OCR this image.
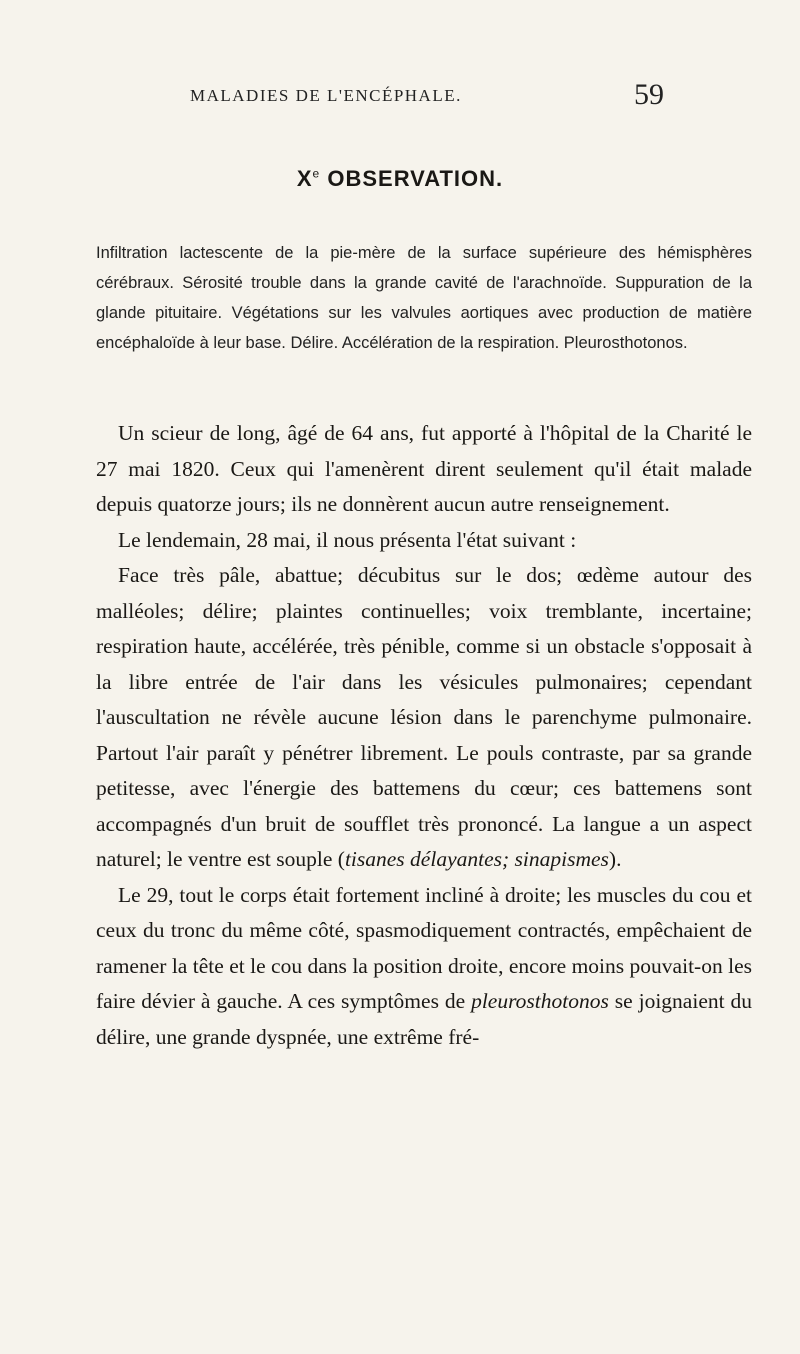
MALADIES DE L'ENCÉPHALE.	59
Xe OBSERVATION.
Infiltration lactescente de la pie-mère de la surface supérieure des hémisphères cérébraux. Sérosité trouble dans la grande cavité de l'arachnoïde. Suppuration de la glande pituitaire. Végétations sur les valvules aortiques avec production de matière encéphaloïde à leur base. Délire. Accélération de la respiration. Pleurosthotonos.

Un scieur de long, âgé de 64 ans, fut apporté à l'hôpital de la Charité le 27 mai 1820. Ceux qui l'amenèrent dirent seulement qu'il était malade depuis quatorze jours; ils ne donnèrent aucun autre renseignement.

Le lendemain, 28 mai, il nous présenta l'état suivant :

Face très pâle, abattue; décubitus sur le dos; œdème autour des malléoles; délire; plaintes continuelles; voix tremblante, incertaine; respiration haute, accélérée, très pénible, comme si un obstacle s'opposait à la libre entrée de l'air dans les vésicules pulmonaires; cependant l'auscultation ne révèle aucune lésion dans le parenchyme pulmonaire. Partout l'air paraît y pénétrer librement. Le pouls contraste, par sa grande petitesse, avec l'énergie des battemens du cœur; ces battemens sont accompagnés d'un bruit de soufflet très prononcé. La langue a un aspect naturel; le ventre est souple (tisanes délayantes; sinapismes).

Le 29, tout le corps était fortement incliné à droite; les muscles du cou et ceux du tronc du même côté, spasmodiquement contractés, empêchaient de ramener la tête et le cou dans la position droite, encore moins pouvait-on les faire dévier à gauche. A ces symptômes de pleurosthotonos se joignaient du délire, une grande dyspnée, une extrême fré-
